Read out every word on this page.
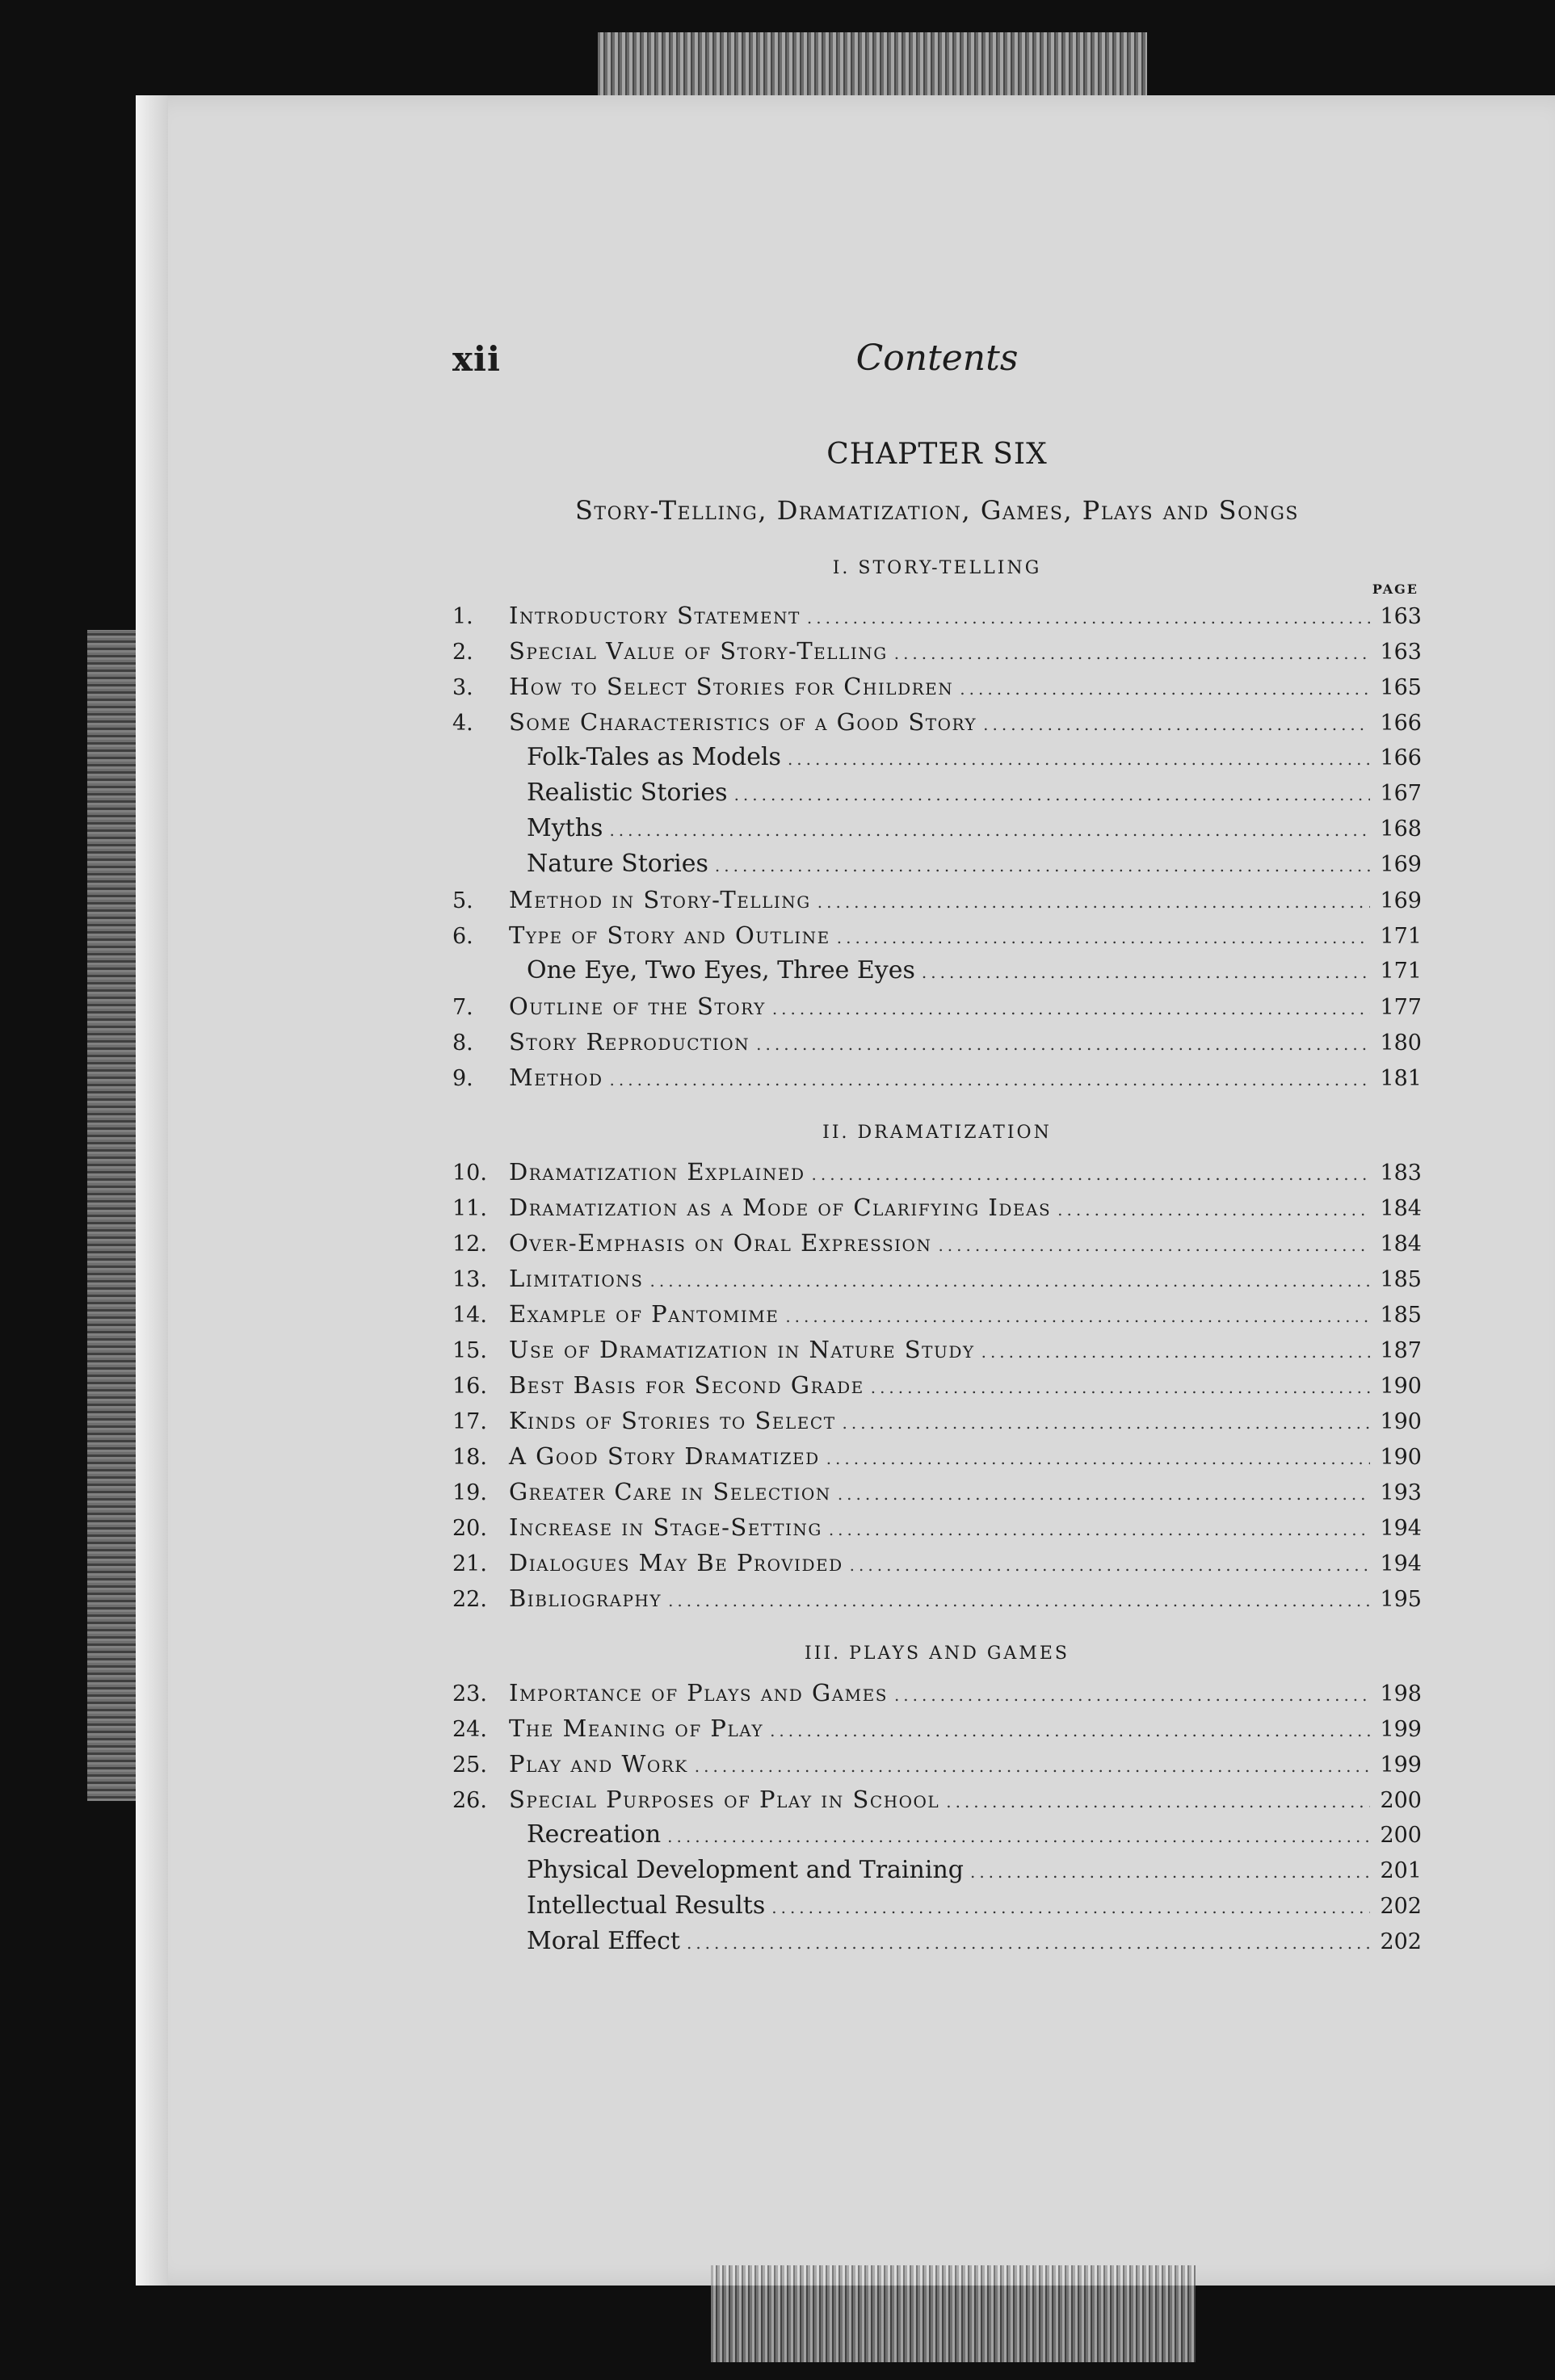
xii	Contents
CHAPTER SIX
Story-Telling, Dramatization, Games, Plays and Songs
I. STORY-TELLING
PAGE
1.	Introductory Statement .....	163
2.	Special Value of Story-Telling .....	163
3.	How to Select Stories for Children .....	165
4.	Some Characteristics of a Good Story .....	166
Folk-Tales as Models .....	166
Realistic Stories .....	167
Myths .....	168
Nature Stories .....	169
5.	Method in Story-Telling .....	169
6.	Type of Story and Outline .....	171
One Eye, Two Eyes, Three Eyes .....	171
7.	Outline of the Story .....	177
8.	Story Reproduction .....	180
9.	Method .....	181
II. DRAMATIZATION
10. Dramatization Explained .....	183
11. Dramatization as a Mode of Clarifying Ideas .....	184
12. Over-Emphasis on Oral Expression .....	184
13. Limitations .....	185
14. Example of Pantomime .....	185
15. Use of Dramatization in Nature Study .....	187
16. Best Basis for Second Grade .....	190
17. Kinds of Stories to Select .....	190
18. A Good Story Dramatized .....	190
19. Greater Care in Selection .....	193
20. Increase in Stage-Setting .....	194
21. Dialogues May Be Provided .....	194
22. Bibliography .....	195
III. PLAYS AND GAMES
23. Importance of Plays and Games .....	198
24. The Meaning of Play .....	199
25. Play and Work .....	199
26. Special Purposes of Play in School .....	200
Recreation .....	200
Physical Development and Training .....	201
Intellectual Results .....	202
Moral Effect .....	202
